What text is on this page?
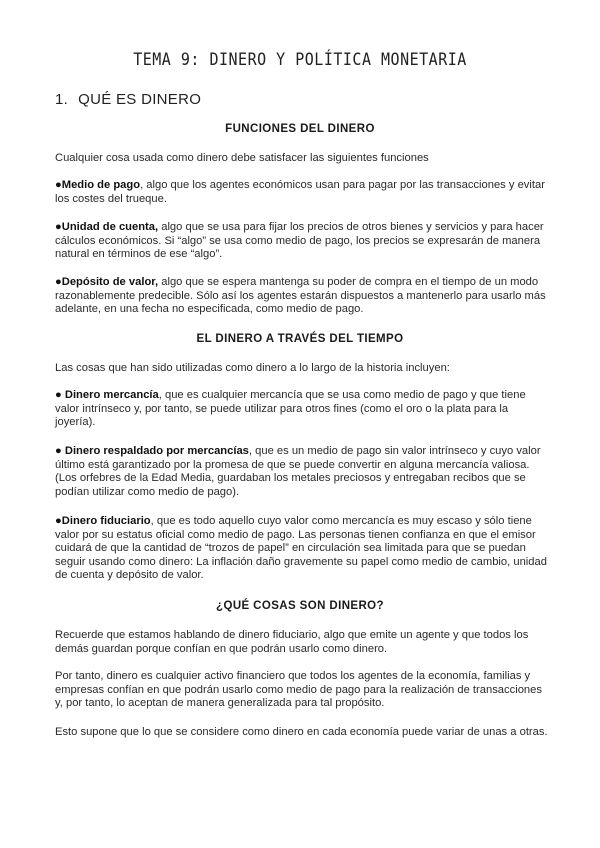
TEMA 9: DINERO Y POLÍTICA MONETARIA
1. QUÉ ES DINERO
FUNCIONES DEL DINERO

Cualquier cosa usada como dinero debe satisfacer las siguientes funciones

●Medio de pago, algo que los agentes económicos usan para pagar por las transacciones y evitar los costes del trueque.

●Unidad de cuenta, algo que se usa para fijar los precios de otros bienes y servicios y para hacer cálculos económicos. Si “algo” se usa como medio de pago, los precios se expresarán de manera natural en términos de ese “algo”.

●Depósito de valor, algo que se espera mantenga su poder de compra en el tiempo de un modo razonablemente predecible. Sólo así los agentes estarán dispuestos a mantenerlo para usarlo más adelante, en una fecha no especificada, como medio de pago.

EL DINERO A TRAVÉS DEL TIEMPO

Las cosas que han sido utilizadas como dinero a lo largo de la historia incluyen:

● Dinero mercancía, que es cualquier mercancía que se usa como medio de pago y que tiene valor intrínseco y, por tanto, se puede utilizar para otros fines (como el oro o la plata para la joyería).

● Dinero respaldado por mercancías, que es un medio de pago sin valor intrínseco y cuyo valor último está garantizado por la promesa de que se puede convertir en alguna mercancía valiosa. (Los orfebres de la Edad Media, guardaban los metales preciosos y entregaban recibos que se podían utilizar como medio de pago).

●Dinero fiduciario, que es todo aquello cuyo valor como mercancía es muy escaso y sólo tiene valor por su estatus oficial como medio de pago. Las personas tienen confianza en que el emisor cuidará de que la cantidad de “trozos de papel” en circulación sea limitada para que se puedan seguir usando como dinero: La inflación daño gravemente su papel como medio de cambio, unidad de cuenta y depósito de valor.

¿QUÉ COSAS SON DINERO?

Recuerde que estamos hablando de dinero fiduciario, algo que emite un agente y que todos los demás guardan porque confían en que podrán usarlo como dinero.

Por tanto, dinero es cualquier activo financiero que todos los agentes de la economía, familias y empresas confían en que podrán usarlo como medio de pago para la realización de transacciones y, por tanto, lo aceptan de manera generalizada para tal propósito.

Esto supone que lo que se considere como dinero en cada economía puede variar de unas a otras.
